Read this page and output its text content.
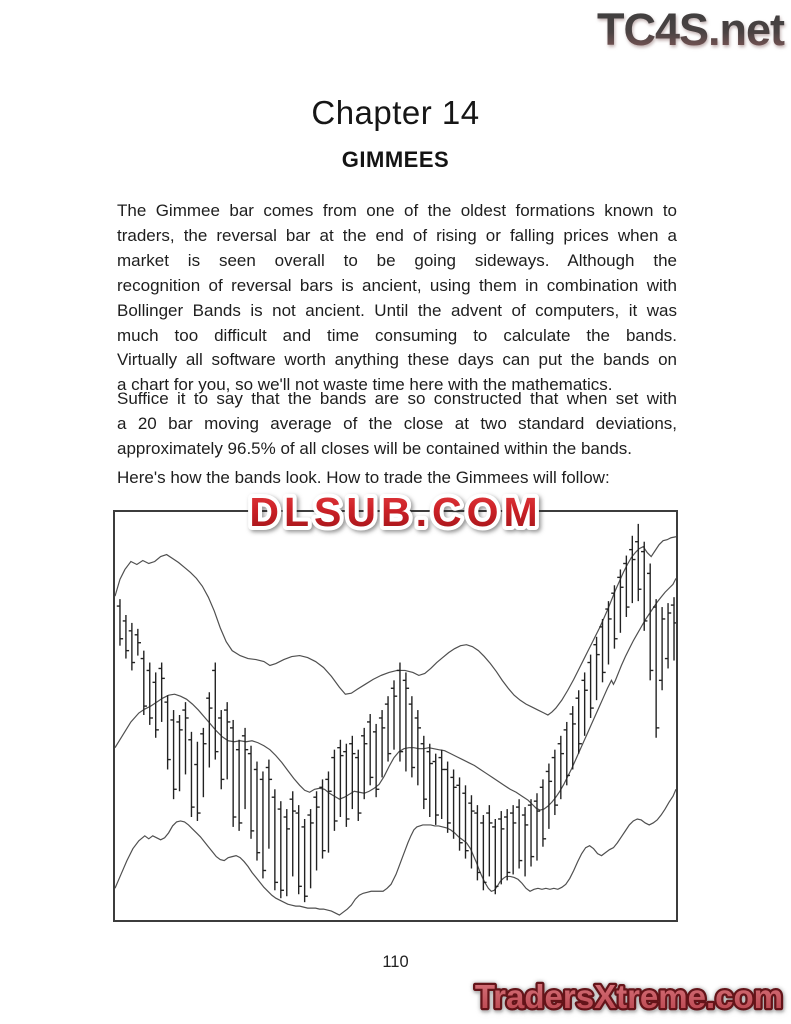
TC4S.net
Chapter 14
GIMMEES
The Gimmee bar comes from one of the oldest formations known to
traders, the reversal bar at the end of rising or falling prices when a
market is seen overall to be going sideways. Although the
recognition of reversal bars is ancient, using them in combination with
Bollinger Bands is not ancient. Until the advent of computers, it was
much too difficult and time consuming to calculate the bands.
Virtually all software worth anything these days can put the bands on
a chart for you, so we'll not waste time here with the mathematics.
Suffice it to say that the bands are so constructed that when set with
a 20 bar moving average of the close at two standard deviations,
approximately 96.5% of all closes will be contained within the bands.
Here's how the bands look. How to trade the Gimmees will follow:
DLSUB.COM
110
TradersXtreme.com
